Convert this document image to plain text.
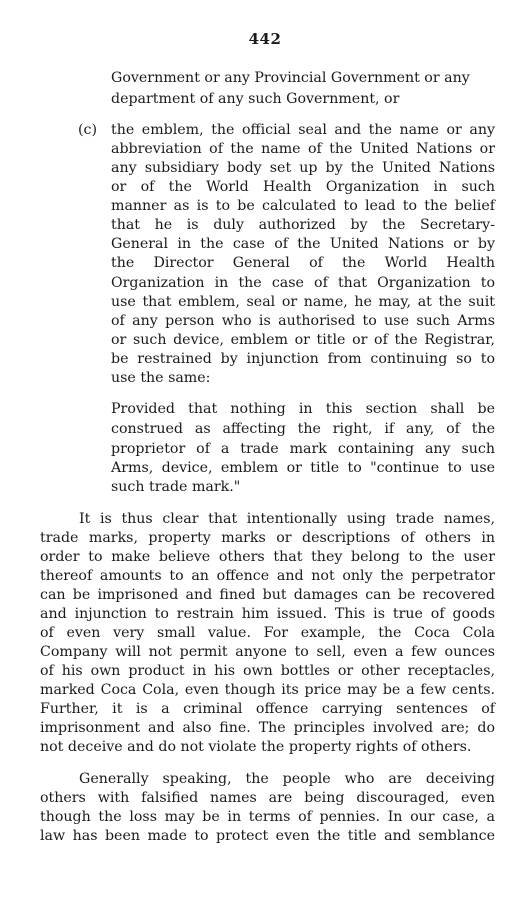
442
(c)
Government or any Provincial Government or any
department of any such Government, or
the emblem, the official seal and the name or any
abbreviation of the name of the United Nations or
any subsidiary body set up by the United Nations
or of the World Health Organization in such
manner as is to be calculated to lead to the belief
that he is duly authorized by the Secretary-
General in the case of the United Nations or by
the Director General of the World Health
Organization in the case of that Organization to
use that emblem, seal or name, he may, at the suit
of any person who is authorised to use such Arms
or such device, emblem or title or of the Registrar,
be restrained by injunction from continuing so to
use the same:
Provided that nothing in this section shall be
construed as affecting the right, if any, of the
proprietor of a trade mark containing any such
Arms, device, emblem or title to "continue to use
such trade mark."
It is thus clear that intentionally using trade names,
trade marks, property marks or descriptions of others in
order to make believe others that they belong to the user
thereof amounts to an offence and not only the perpetrator
can be imprisoned and fined but damages can be recovered
and injunction to restrain him issued. This is true of goods
of even very small value. For example, the Coca Cola
Company will not permit anyone to sell, even a few ounces
of his own product in his own bottles or other receptacles,
marked Coca Cola, even though its price may be a few cents.
Further, it is a criminal offence carrying sentences of
imprisonment and also fine. The principles involved are; do
not deceive and do not violate the property rights of others.
Generally speaking, the people who are deceiving
others with falsified names are being discouraged, even
though the loss may be in terms of pennies. In our case, a
law has been made to protect even the title and semblance
